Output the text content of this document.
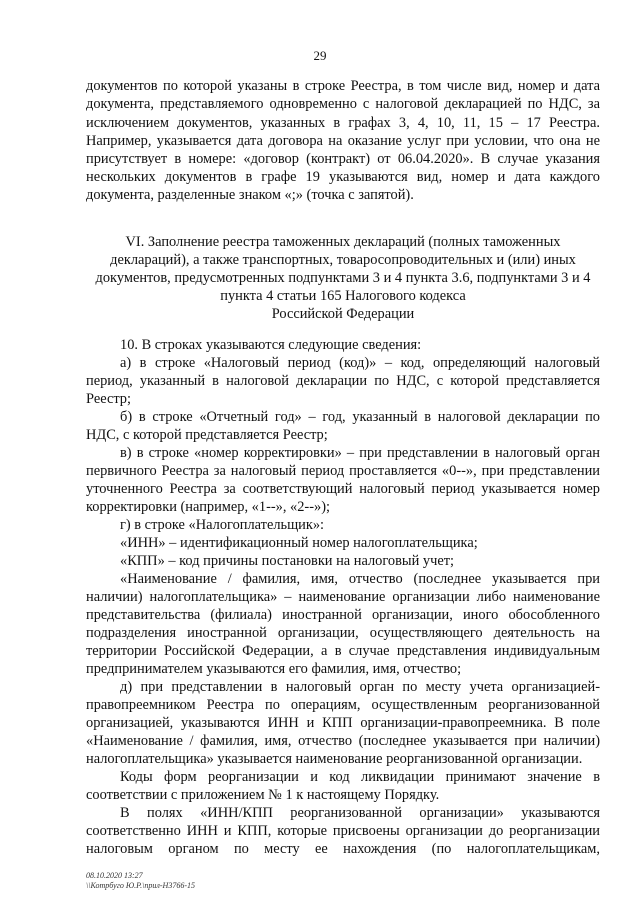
29
документов по которой указаны в строке Реестра, в том числе вид, номер и дата
документа, представляемого одновременно с налоговой декларацией по НДС, за
исключением документов, указанных в графах 3, 4, 10, 11, 15 – 17 Реестра.
Например, указывается дата договора на оказание услуг при условии, что она не
присутствует в номере: «договор (контракт) от 06.04.2020». В случае указания
нескольких документов в графе 19 указываются вид, номер и дата каждого
документа, разделенные знаком «;» (точка с запятой).
VI. Заполнение реестра таможенных деклараций (полных таможенных
деклараций), а также транспортных, товаросопроводительных и (или) иных
документов, предусмотренных подпунктами 3 и 4 пункта 3.6, подпунктами 3 и 4
пункта 4 статьи 165 Налогового кодекса
Российской Федерации
10. В строках указываются следующие сведения:
а) в строке «Налоговый период (код)» – код, определяющий налоговый
период, указанный в налоговой декларации по НДС, с которой представляется
Реестр;
б) в строке «Отчетный год» – год, указанный в налоговой декларации по
НДС, с которой представляется Реестр;
в) в строке «номер корректировки» – при представлении в налоговый орган
первичного Реестра за налоговый период проставляется «0--», при представлении
уточненного Реестра за соответствующий налоговый период указывается номер
корректировки (например, «1--», «2--»);
г) в строке «Налогоплательщик»:
«ИНН» – идентификационный номер налогоплательщика;
«КПП» – код причины постановки на налоговый учет;
«Наименование / фамилия, имя, отчество (последнее указывается при
наличии) налогоплательщика» – наименование организации либо наименование
представительства (филиала) иностранной организации, иного обособленного
подразделения иностранной организации, осуществляющего деятельность на
территории Российской Федерации, а в случае представления индивидуальным
предпринимателем указываются его фамилия, имя, отчество;
д) при представлении в налоговый орган по месту учета организацией-
правопреемником Реестра по операциям, осуществленным реорганизованной
организацией, указываются ИНН и КПП организации-правопреемника. В поле
«Наименование / фамилия, имя, отчество (последнее указывается при наличии)
налогоплательщика» указывается наименование реорганизованной организации.
Коды форм реорганизации и код ликвидации принимают значение в
соответствии с приложением № 1 к настоящему Порядку.
В полях «ИНН/КПП реорганизованной организации» указываются
соответственно ИНН и КПП, которые присвоены организации до реорганизации
налоговым органом по месту ее нахождения (по налогоплательщикам,
08.10.2020 13:27
\\Котрбуго Ю.Р.\прил-Н3766-15
